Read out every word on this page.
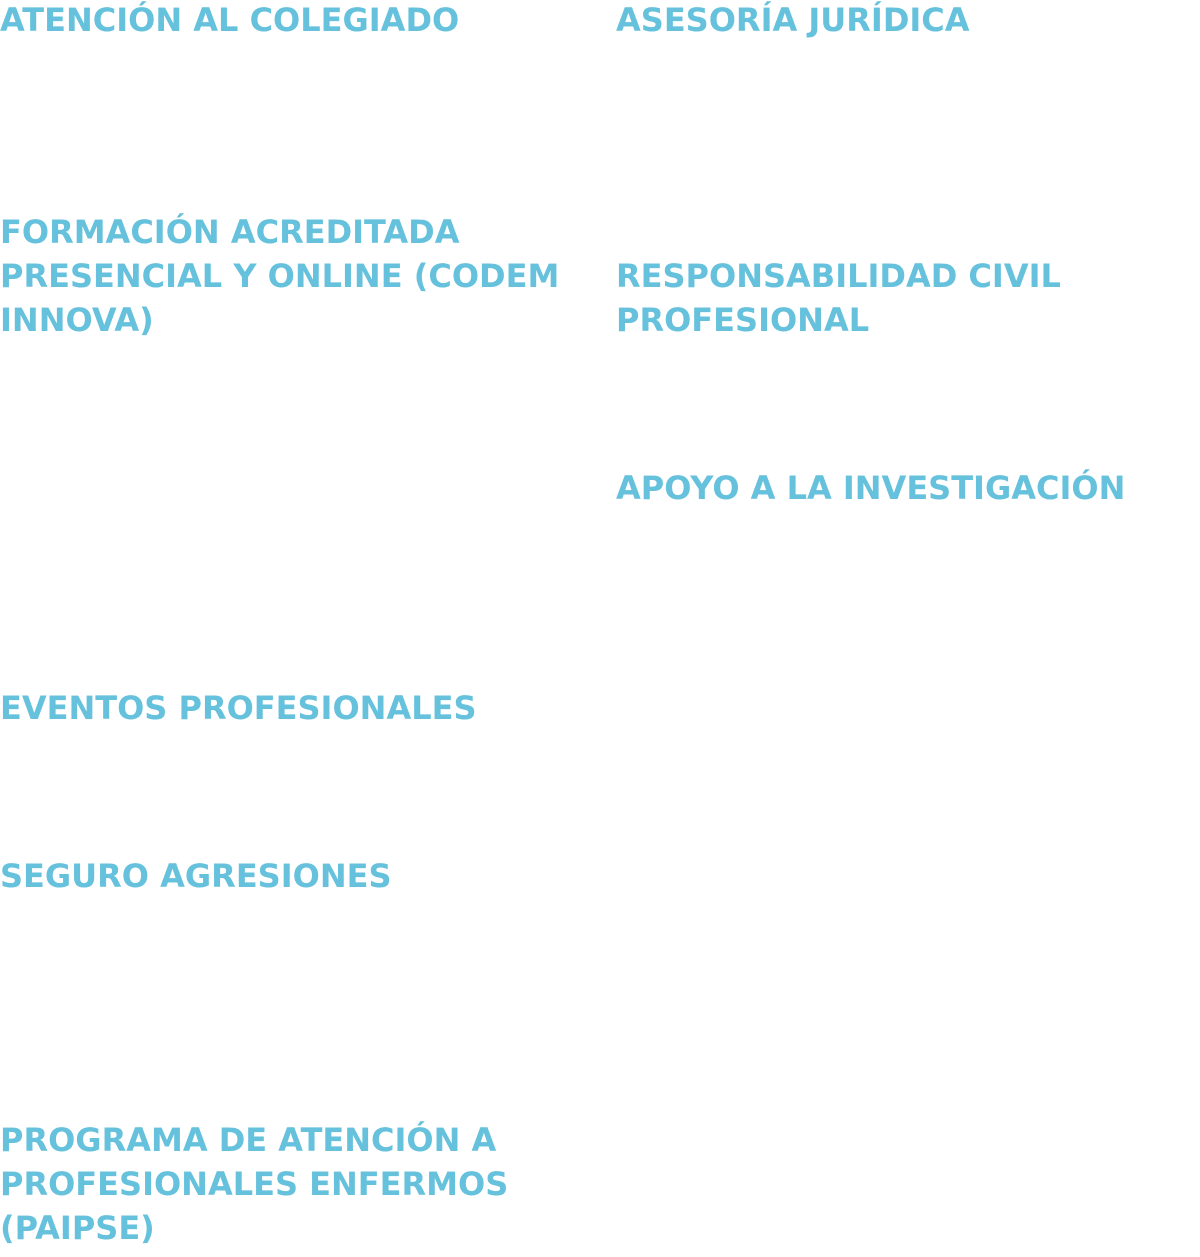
ATENCIÓN AL COLEGIADO	ASESORÍA JURÍDICA
FORMACIÓN ACREDITADA PRESENCIAL Y ONLINE (CODEM INNOVA)
RESPONSABILIDAD CIVIL PROFESIONAL
APOYO A LA INVESTIGACIÓN
EVENTOS PROFESIONALES
SEGURO AGRESIONES
PROGRAMA DE ATENCIÓN A PROFESIONALES ENFERMOS (PAIPSE)
